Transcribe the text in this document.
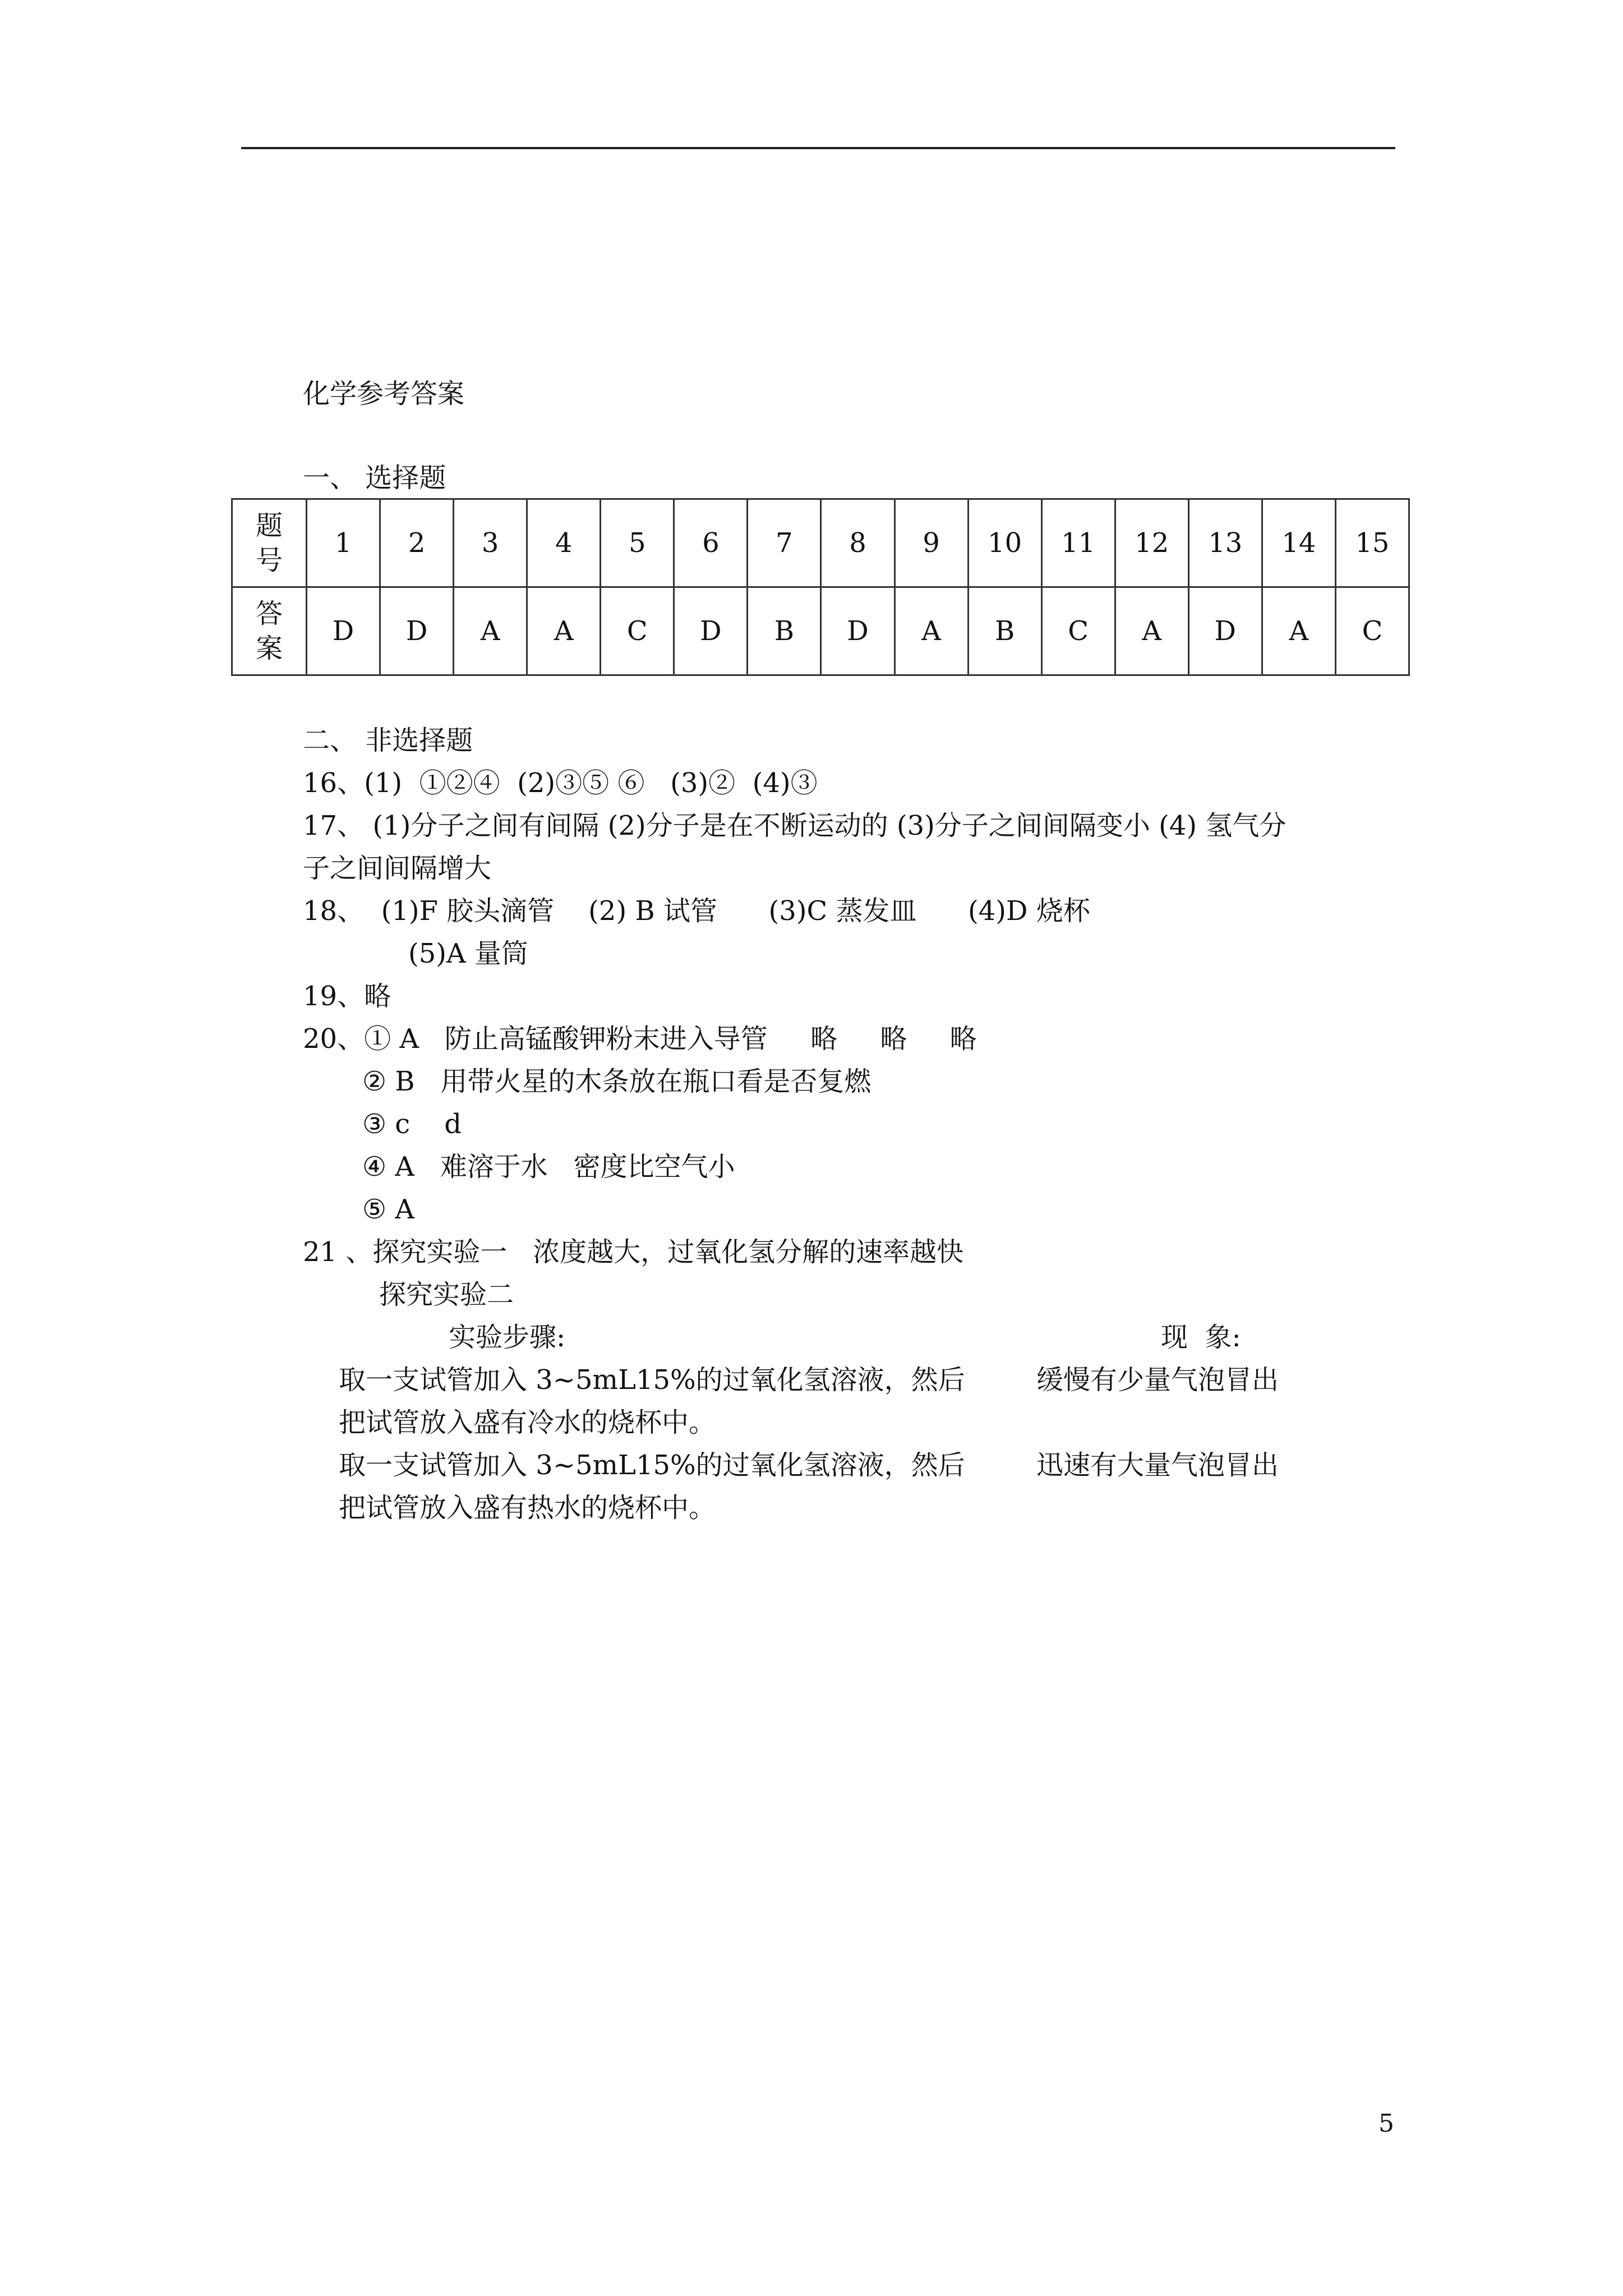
化学参考答案
一、 选择题
题
号	1	2	3	4	5	6	7	8	9	10	11	12	13	14	15

答
案	D	D	A	A	C	D	B	D	A	B	C	A	D	A	C
二、 非选择题
16、(1)  ①②④  (2)③⑤ ⑥   (3)②  (4)③
17、 (1)分子之间有间隔 (2)分子是在不断运动的 (3)分子之间间隔变小 (4) 氢气分
子之间间隔增大
18、  (1)F 胶头滴管    (2) B 试管      (3)C 蒸发皿      (4)D 烧杯
(5)A 量筒
19、略
20、① A   防止高锰酸钾粉末进入导管     略     略     略
② B   用带火星的木条放在瓶口看是否复燃
③ c    d
④ A   难溶于水   密度比空气小
⑤ A
21 、探究实验一   浓度越大，过氧化氢分解的速率越快
探究实验二
实验步骤:	现  象:
取一支试管加入 3~5mL15%的过氧化氢溶液，然后	缓慢有少量气泡冒出
把试管放入盛有冷水的烧杯中。
取一支试管加入 3~5mL15%的过氧化氢溶液，然后	迅速有大量气泡冒出
把试管放入盛有热水的烧杯中。
5
